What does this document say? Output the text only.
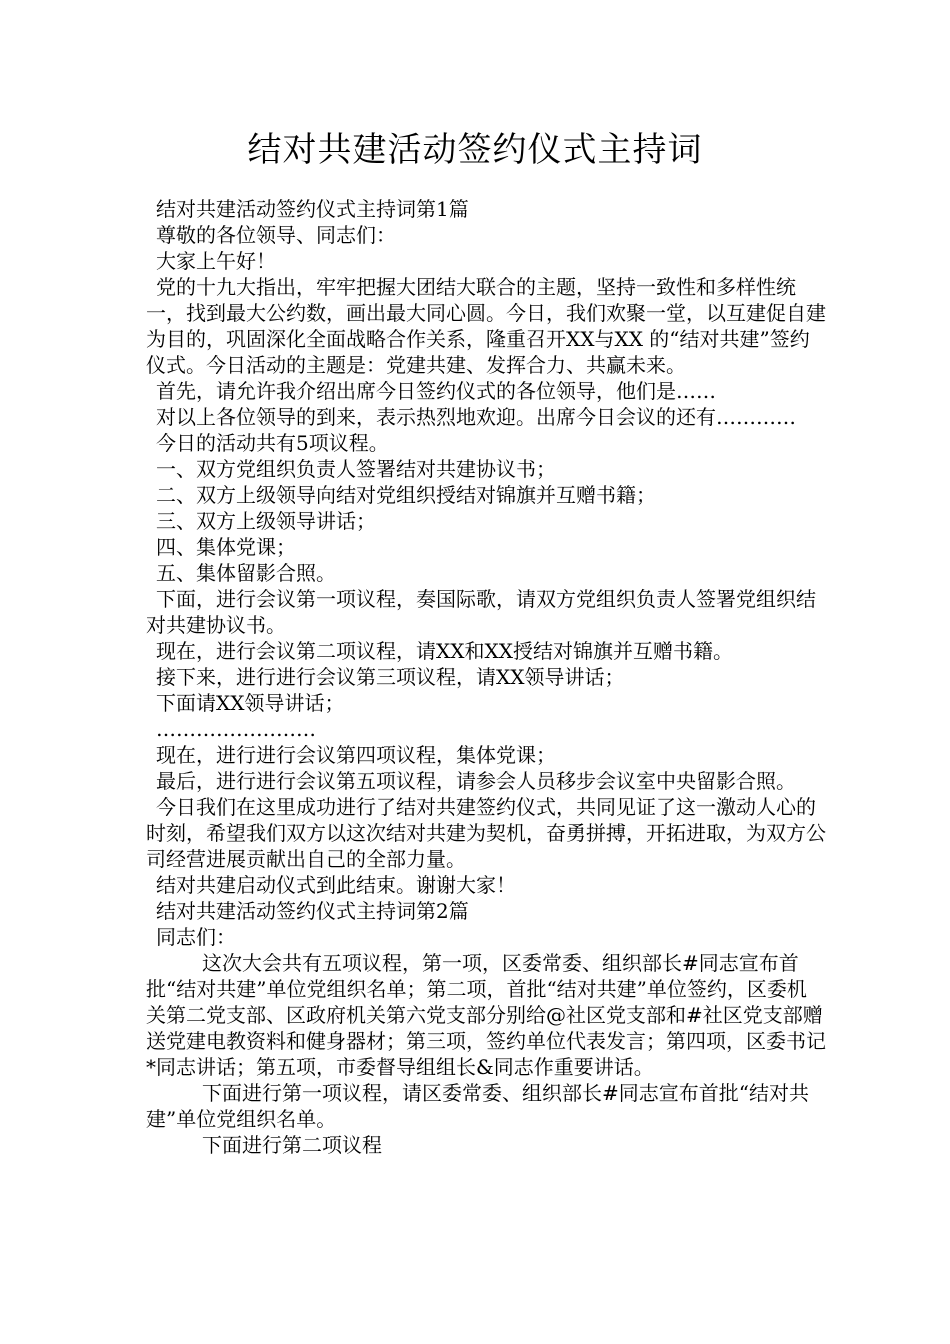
结对共建活动签约仪式主持词

结对共建活动签约仪式主持词第1篇

尊敬的各位领导、同志们：

大家上午好！

党的十九大指出，牢牢把握大团结大联合的主题，坚持一致性和多样性统一，找到最大公约数，画出最大同心圆。今日，我们欢聚一堂，以互建促自建为目的，巩固深化全面战略合作关系，隆重召开XX与XX 的“结对共建”签约仪式。今日活动的主题是：党建共建、发挥合力、共赢未来。

首先，请允许我介绍出席今日签约仪式的各位领导，他们是……

对以上各位领导的到来，表示热烈地欢迎。出席今日会议的还有…………

今日的活动共有5项议程。

一、双方党组织负责人签署结对共建协议书；

二、双方上级领导向结对党组织授结对锦旗并互赠书籍；

三、双方上级领导讲话；

四、集体党课；

五、集体留影合照。

下面，进行会议第一项议程，奏国际歌，请双方党组织负责人签署党组织结对共建协议书。

现在，进行会议第二项议程，请XX和XX授结对锦旗并互赠书籍。

接下来，进行进行会议第三项议程，请XX领导讲话；

下面请XX领导讲话；

……………………

现在，进行进行会议第四项议程，集体党课；

最后，进行进行会议第五项议程，请参会人员移步会议室中央留影合照。

今日我们在这里成功进行了结对共建签约仪式，共同见证了这一激动人心的时刻，希望我们双方以这次结对共建为契机，奋勇拼搏，开拓进取，为双方公司经营进展贡献出自己的全部力量。

结对共建启动仪式到此结束。谢谢大家！

结对共建活动签约仪式主持词第2篇

同志们：

这次大会共有五项议程，第一项，区委常委、组织部长#同志宣布首批“结对共建”单位党组织名单；第二项，首批“结对共建”单位签约，区委机关第二党支部、区政府机关第六党支部分别给@社区党支部和#社区党支部赠送党建电教资料和健身器材；第三项，签约单位代表发言；第四项，区委书记*同志讲话；第五项，市委督导组组长&同志作重要讲话。

下面进行第一项议程，请区委常委、组织部长#同志宣布首批“结对共建”单位党组织名单。

下面进行第二项议程
